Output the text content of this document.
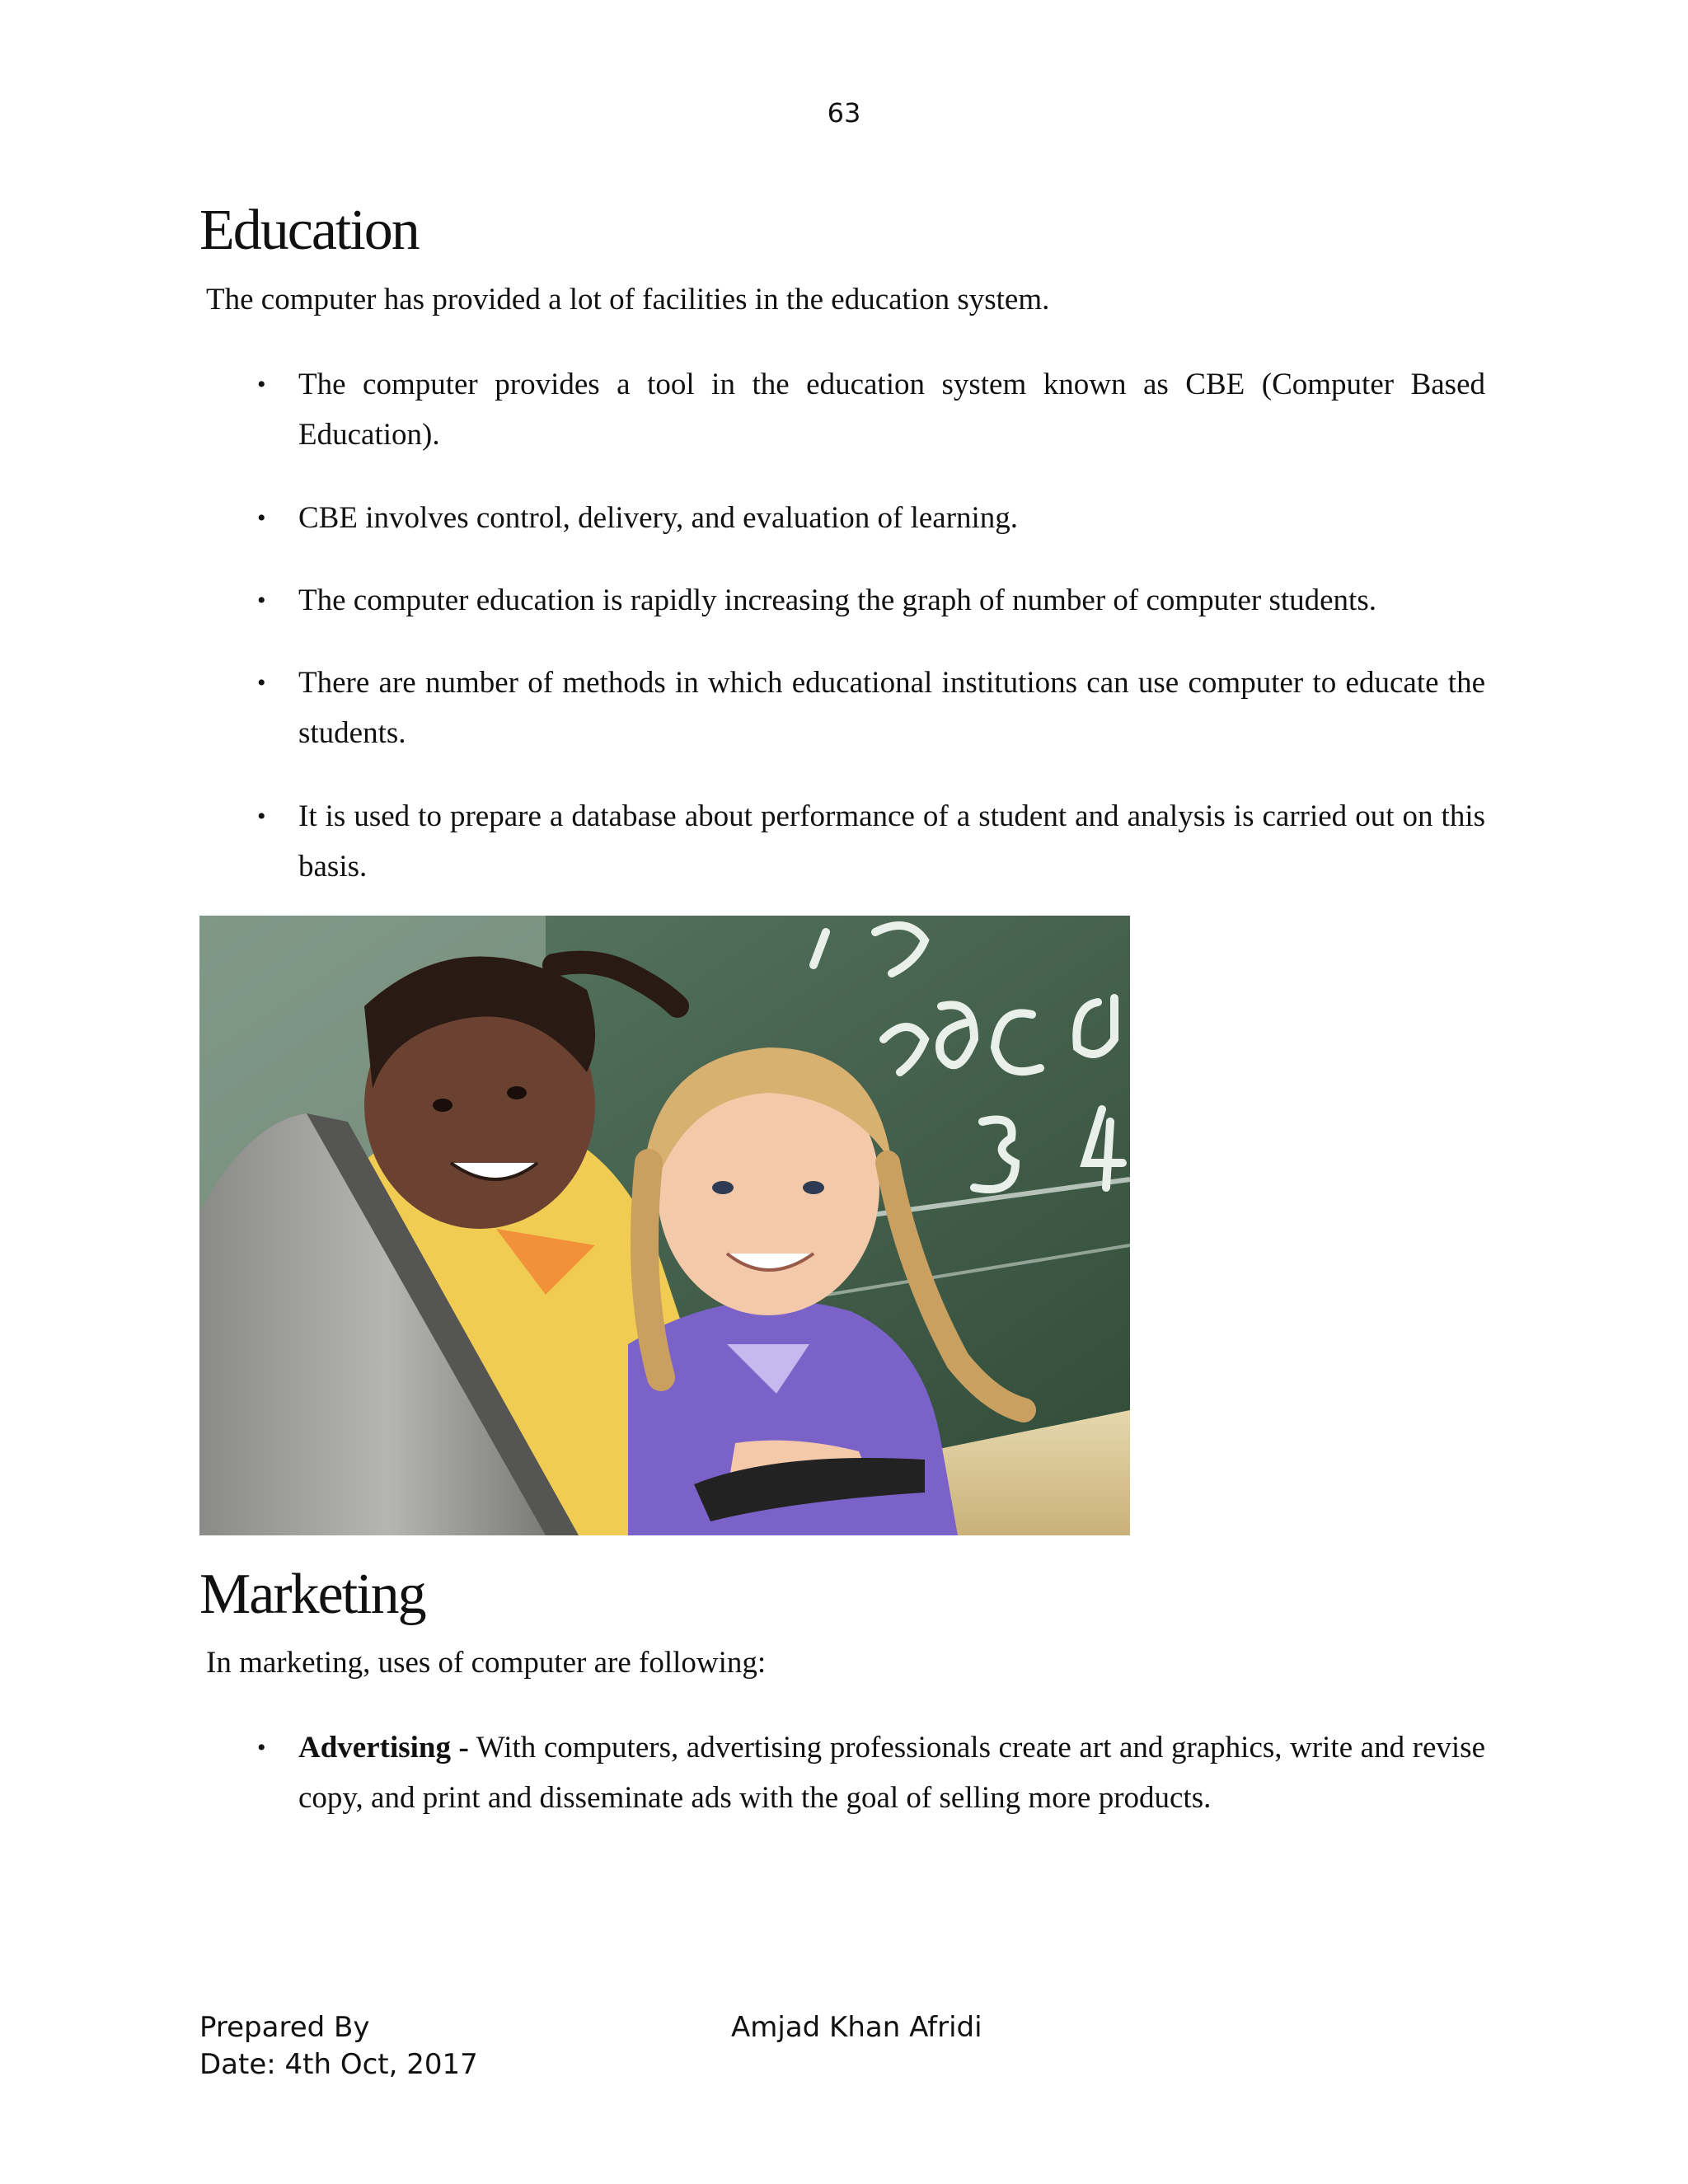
63
Education
The computer has provided a lot of facilities in the education system.
• The computer provides a tool in the education system known as CBE (Computer Based Education).
• CBE involves control, delivery, and evaluation of learning.
• The computer education is rapidly increasing the graph of number of computer students.
• There are number of methods in which educational institutions can use computer to educate the students.
• It is used to prepare a database about performance of a student and analysis is carried out on this basis.
Marketing
In marketing, uses of computer are following:
• Advertising - With computers, advertising professionals create art and graphics, write and revise copy, and print and disseminate ads with the goal of selling more products.
Prepared By	Amjad Khan Afridi
Date: 4th Oct, 2017
